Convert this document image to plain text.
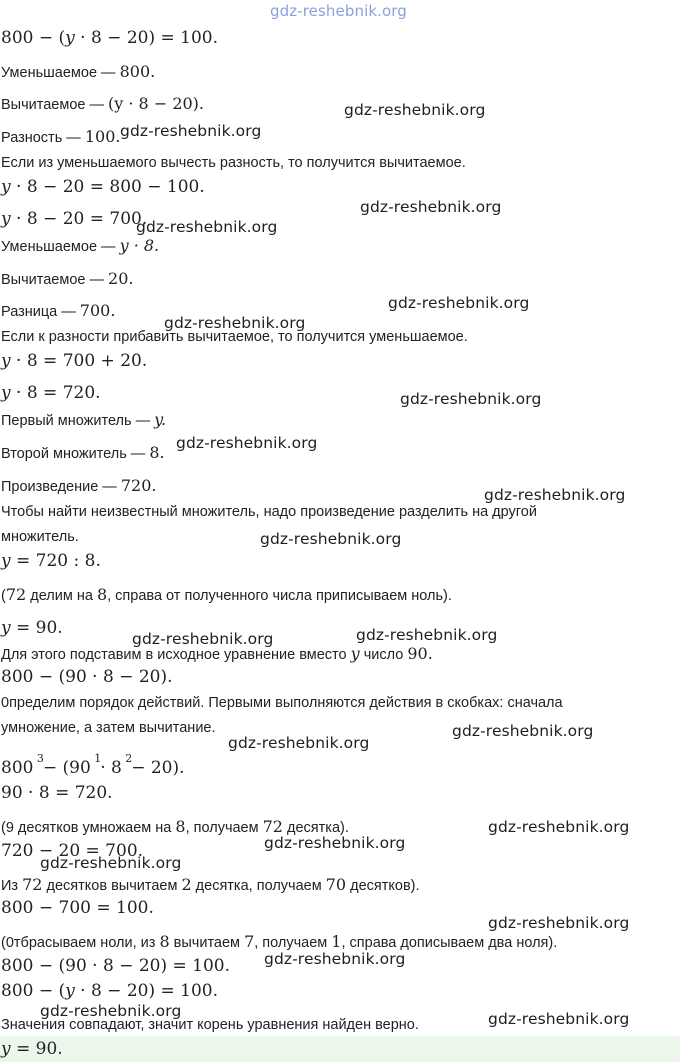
gdz-reshebnik.org
800 − (y · 8 − 20) = 100.
Уменьшаемое — 800.
Вычитаемое — (y · 8 − 20).
Разность — 100.
Если из уменьшаемого вычесть разность, то получится вычитаемое.
y · 8 − 20 = 800 − 100.
y · 8 − 20 = 700.
Уменьшаемое — y · 8.
Вычитаемое — 20.
Разница — 700.
Если к разности прибавить вычитаемое, то получится уменьшаемое.
y · 8 = 700 + 20.
y · 8 = 720.
Первый множитель — y.
Второй множитель — 8.
Произведение — 720.
Чтобы найти неизвестный множитель, надо произведение разделить на другой
множитель.
y = 720 : 8.
(72 делим на 8, справа от полученного числа приписываем ноль).
y = 90.
Для этого подставим в исходное уравнение вместо y число 90.
800 − (90 · 8 − 20).
0пределим порядок действий. Первыми выполняются действия в скобках: сначала
умножение, а затем вычитание.
800 $^3$− (90 $^1$· 8 $^2$− 20).
90 · 8 = 720.
(9 десятков умножаем на 8, получаем 72 десятка).
720 − 20 = 700.
Из 72 десятков вычитаем 2 десятка, получаем 70 десятков).
800 − 700 = 100.
(0тбрасываем ноли, из 8 вычитаем 7, получаем 1, справа дописываем два ноля).
800 − (90 · 8 − 20) = 100.
800 − (y · 8 − 20) = 100.
Значения совпадают, значит корень уравнения найден верно.
y = 90.
gdz-reshebnik.org
gdz-reshebnik.org
gdz-reshebnik.org
gdz-reshebnik.org
gdz-reshebnik.org
gdz-reshebnik.org
gdz-reshebnik.org
gdz-reshebnik.org
gdz-reshebnik.org
gdz-reshebnik.org
gdz-reshebnik.org	gdz-reshebnik.org
gdz-reshebnik.org
gdz-reshebnik.org
gdz-reshebnik.org
gdz-reshebnik.org
gdz-reshebnik.org
gdz-reshebnik.org
gdz-reshebnik.org
gdz-reshebnik.org	gdz-reshebnik.org
